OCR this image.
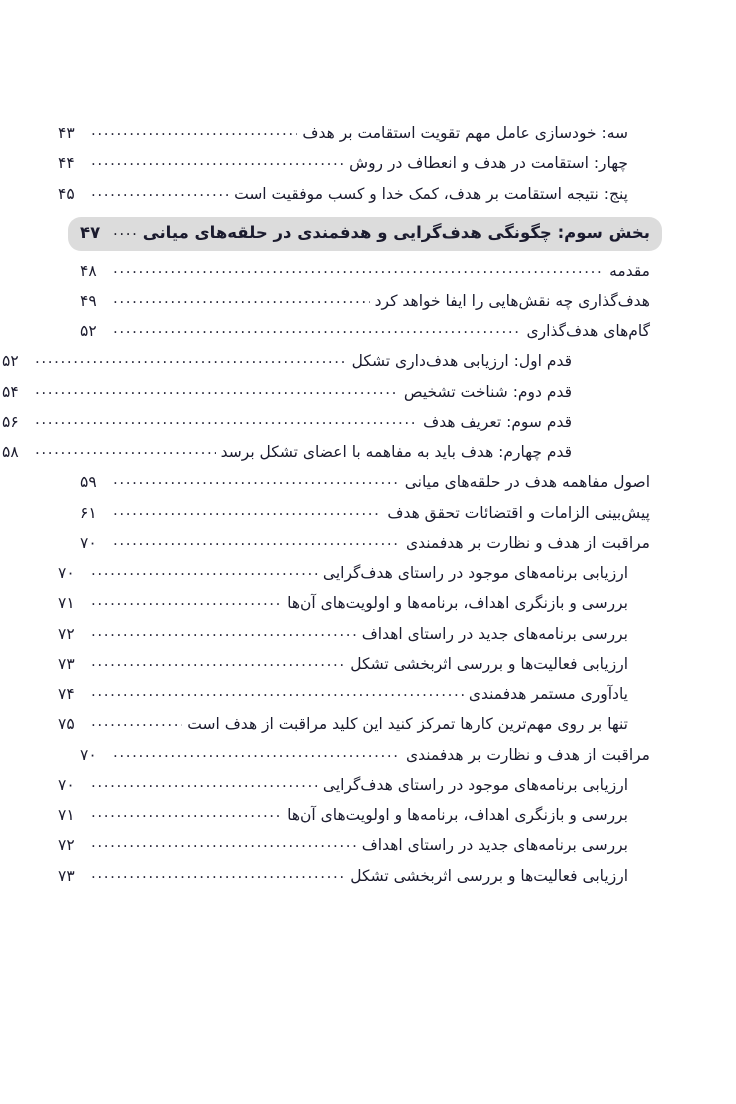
سه: خودسازی عامل مهم تقویت استقامت بر هدف
.....
۴۳
چهار: استقامت در هدف و انعطاف در روش
.....
۴۴
پنج: نتیجه استقامت بر هدف، کمک خدا و کسب موفقیت است
.....
۴۵
بخش سوم: چگونگی هدف‌گرایی و هدفمندی در حلقه‌های میانی
.....
۴۷
مقدمه
.....
۴۸
هدف‌گذاری چه نقش‌هایی را ایفا خواهد کرد
.....
۴۹
گام‌های هدف‌گذاری
.....
۵۲
قدم اول: ارزیابی هدف‌داری تشکل
.....
۵۲
قدم دوم: شناخت تشخیص
.....
۵۴
قدم سوم: تعریف هدف
.....
۵۶
قدم چهارم: هدف باید به مفاهمه با اعضای تشکل برسد
.....
۵۸
اصول مفاهمه هدف در حلقه‌های میانی
.....
۵۹
پیش‌بینی الزامات و اقتضائات تحقق هدف
.....
۶۱
مراقبت از هدف و نظارت بر هدفمندی
.....
۷۰
ارزیابی برنامه‌های موجود در راستای هدف‌گرایی
.....
۷۰
بررسی و بازنگری اهداف، برنامه‌ها و اولویت‌های آن‌ها
.....
۷۱
بررسی برنامه‌های جدید در راستای اهداف
.....
۷۲
ارزیابی فعالیت‌ها و بررسی اثربخشی تشکل
.....
۷۳
یادآوری مستمر هدفمندی
.....
۷۴
تنها بر روی مهم‌ترین کارها تمرکز کنید این کلید مراقبت از هدف است
.....
۷۵
مراقبت از هدف و نظارت بر هدفمندی
.....
۷۰
ارزیابی برنامه‌های موجود در راستای هدف‌گرایی
.....
۷۰
بررسی و بازنگری اهداف، برنامه‌ها و اولویت‌های آن‌ها
.....
۷۱
بررسی برنامه‌های جدید در راستای اهداف
.....
۷۲
ارزیابی فعالیت‌ها و بررسی اثربخشی تشکل
.....
۷۳
